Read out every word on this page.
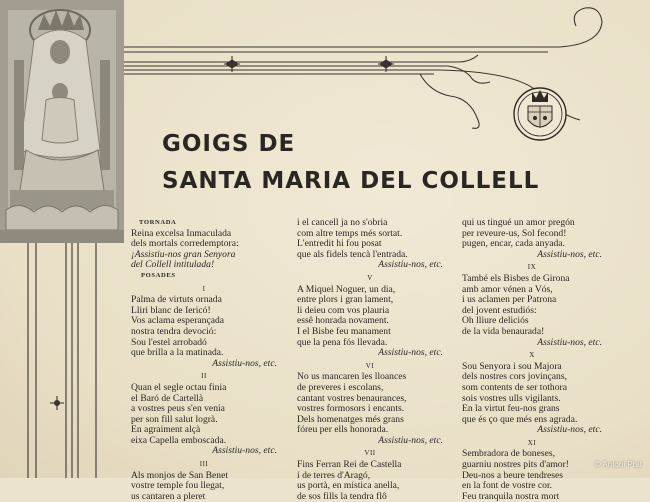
GOIGS DE
SANTA MARIA DEL COLLELL

TORNADA

Reina excelsa Inmaculada

dels mortals corredemptora:

¡Assistiu-nos gran Senyora

del Collell intitulada!

POSADES

I

Palma de virtuts ornada

Lliri blanc de Iericó!

Vos aclama esperançada

nostra tendra devoció:

Sou l'estel arrobadó

que brilla a la matinada.

Assistiu-nos, etc.

II

Quan el segle octau finia

el Baró de Cartellà

a vostres peus s'en venia

per son fill salut logrà.

En agraiment alçà

eixa Capella emboscada.

Assistiu-nos, etc.

III

Als monjos de San Benet

vostre temple fou llegat,

us cantaren a pleret

i el cancell ja no s'obria

com altre temps més sortat.

L'entredit hi fou posat

que als fidels tencà l'entrada.

Assistiu-nos, etc.

V

A Miquel Noguer, un dia,

entre plors i gran lament,

li deieu com vos plauria

essê honrada novament.

I el Bisbe feu manament

que la pena fós llevada.

Assistiu-nos, etc.

VI

No us mancaren les lloances

de preveres i escolans,

cantant vostres benaurances,

vostres formosors i encants.

Dels homenatges més grans

fóreu per ells honorada.

Assistiu-nos, etc.

VII

Fins Ferran Rei de Castella

i de terres d'Aragó,

us portà, en mística anella,

de sos fills la tendra flô

qui us tingué un amor pregón

per reveure-us, Sol fecond!

pugen, encar, cada anyada.

Assistiu-nos, etc.

IX

També els Bisbes de Girona

amb amor vénen a Vós,

i us aclamen per Patrona

del jovent estudiós:

Oh lliure deliciós

de la vida benaurada!

Assistiu-nos, etc.

X

Sou Senyora i sou Majora

dels nostres cors jovinçans,

som contents de ser tothora

sois vostres ulls vigilants.

En la virtut feu-nos grans

que és ço que més ens agrada.

Assistiu-nos, etc.

XI

Sembradora de boneses,

guarniu nostres pits d'amor!

Deu-nos a beure tendreses

en la font de vostre cor.

Feu tranquila nostra mort

© Antoni Prat
